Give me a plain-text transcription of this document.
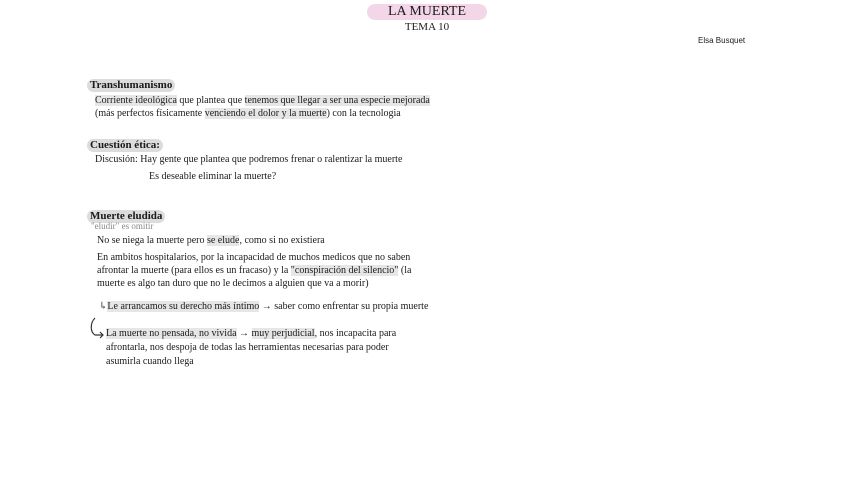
LA MUERTE
TEMA 10
Elsa Busquet
Transhumanismo
Corriente ideológica que plantea que tenemos que llegar a ser una especie mejorada
(más perfectos físicamente venciendo el dolor y la muerte) con la tecnologia
Cuestión ética:
Discusión: Hay gente que plantea que podremos frenar o ralentizar la muerte
Es deseable eliminar la muerte?
Muerte eludida
"eludir" es omitir
No se niega la muerte pero se elude, como si no existiera
En ambitos hospitalarios, por la incapacidad de muchos medicos que no saben
afrontar la muerte (para ellos es un fracaso) y la "conspiración del silencio" (la
muerte es algo tan duro que no le decimos a alguien que va a morir)
↳Le arrancamos su derecho más íntimo → saber como enfrentar su propia muerte
La muerte no pensada, no vivida → muy perjudicial, nos incapacita para
afrontarla, nos despoja de todas las herramientas necesarias para poder
asumirla cuando llega
